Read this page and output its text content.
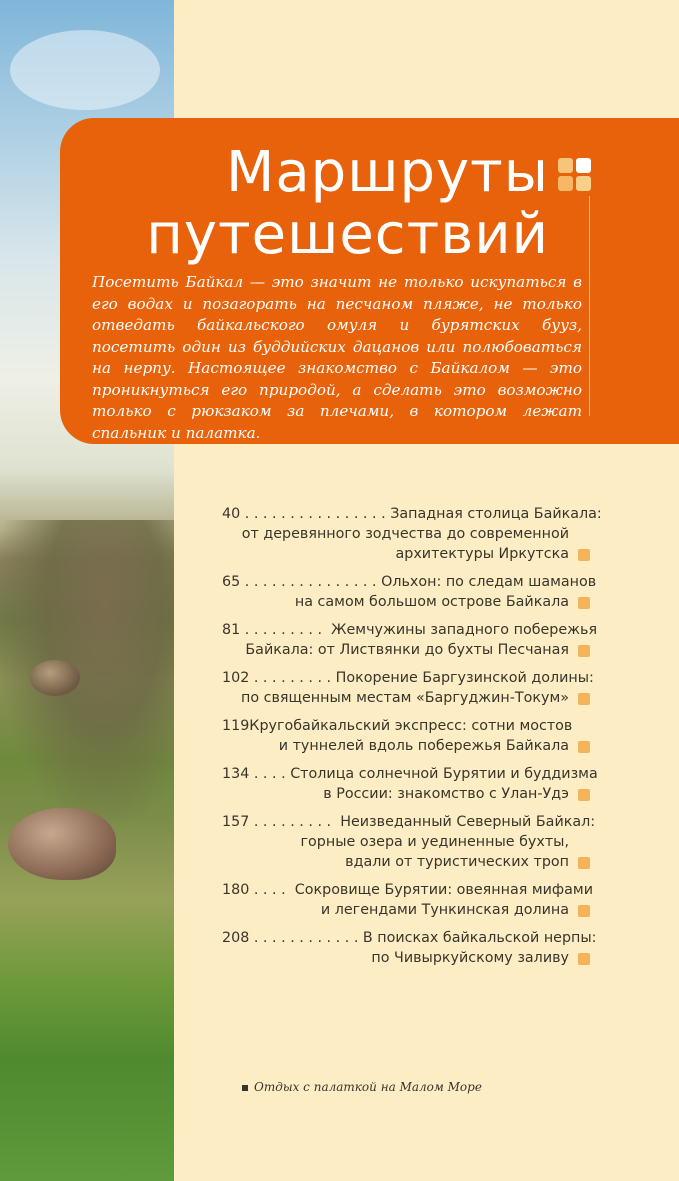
Маршруты
путешествий
Посетить Байкал — это значит не только искупаться в его водах и позагорать на песчаном пляже, не только отведать байкальского омуля и бурятских бууз, посетить один из буддийских дацанов или полюбоваться на нерпу. Настоящее знакомство с Байкалом — это проникнуться его природой, а сделать это возможно только с рюкзаком за плечами, в котором лежат спальник и палатка.
40 . . . . . . . . . . . . . . . . Западная столица Байкала:
от деревянного зодчества до современной
архитектуры Иркутска
65 . . . . . . . . . . . . . . . Ольхон: по следам шаманов
на самом большом острове Байкала
81 . . . . . . . . . Жемчужины западного побережья
Байкала: от Листвянки до бухты Песчаная
102 . . . . . . . . . Покорение Баргузинской долины:
по священным местам «Баргуджин-Токум»
119 Кругобайкальский экспресс: сотни мостов
и туннелей вдоль побережья Байкала
134 . . . . Столица солнечной Бурятии и буддизма
в России: знакомство с Улан-Удэ
157 . . . . . . . . . Неизведанный Северный Байкал:
горные озера и уединенные бухты,
вдали от туристических троп
180 . . . . Сокровище Бурятии: овеянная мифами
и легендами Тункинская долина
208 . . . . . . . . . . . . В поисках байкальской нерпы:
по Чивыркуйскому заливу
Отдых с палаткой на Малом Море
